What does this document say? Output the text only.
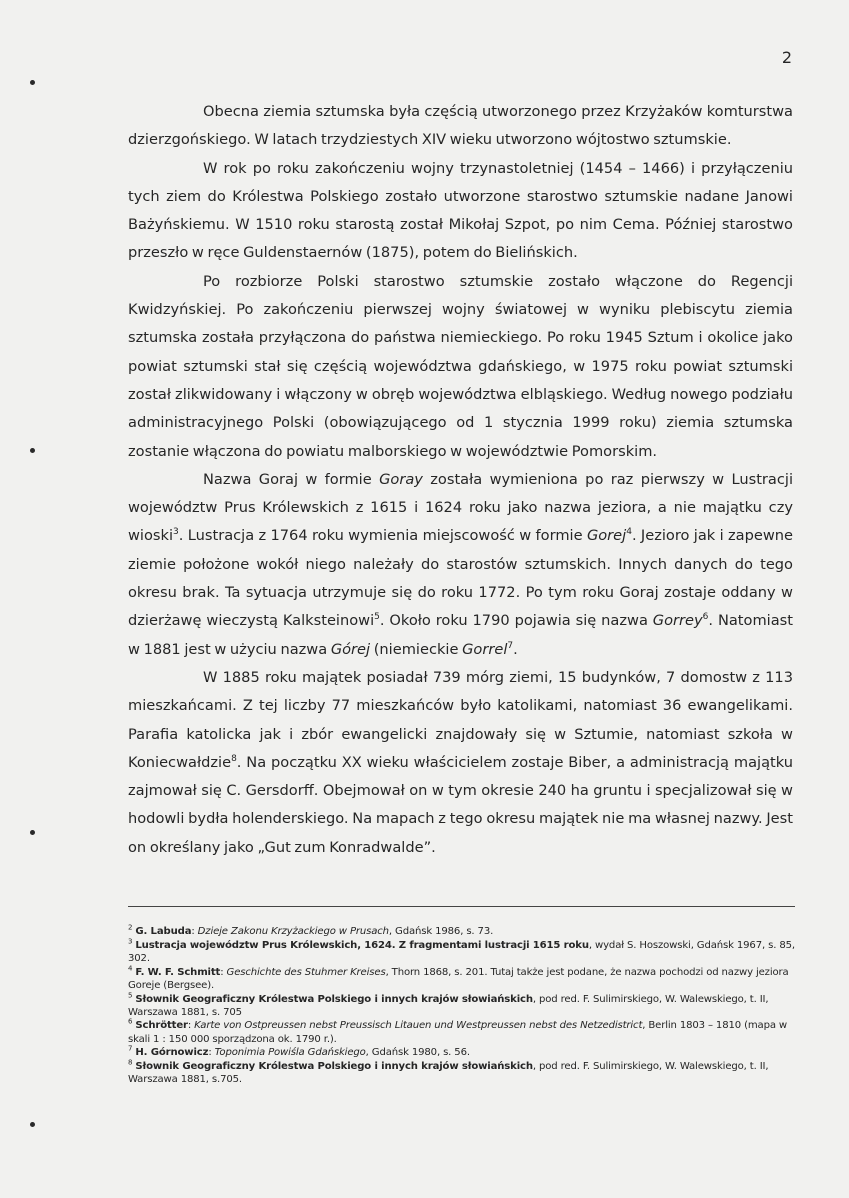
2

Obecna ziemia sztumska była częścią utworzonego przez Krzyżaków komturstwa dzierzgońskiego. W latach trzydziestych XIV wieku utworzono wójtostwo sztumskie.

W rok po roku zakończeniu wojny trzynastoletniej (1454 – 1466) i przyłączeniu tych ziem do Królestwa Polskiego zostało utworzone starostwo sztumskie nadane Janowi Bażyńskiemu. W 1510 roku starostą został Mikołaj Szpot, po nim Cema. Później starostwo przeszło w ręce Guldenstaernów (1875), potem do Bielińskich.

Po rozbiorze Polski starostwo sztumskie zostało włączone do Regencji Kwidzyńskiej. Po zakończeniu pierwszej wojny światowej w wyniku plebiscytu ziemia sztumska została przyłączona do państwa niemieckiego. Po roku 1945 Sztum i okolice jako powiat sztumski stał się częścią województwa gdańskiego, w 1975 roku powiat sztumski został zlikwidowany i włączony w obręb województwa elbląskiego. Według nowego podziału administracyjnego Polski (obowiązującego od 1 stycznia 1999 roku) ziemia sztumska zostanie włączona do powiatu malborskiego w województwie Pomorskim.

Nazwa Goraj w formie Goray została wymieniona po raz pierwszy w Lustracji województw Prus Królewskich z 1615 i 1624 roku jako nazwa jeziora, a nie majątku czy wioski$^3$. Lustracja z 1764 roku wymienia miejscowość w formie Gorej$^4$. Jezioro jak i zapewne ziemie położone wokół niego należały do starostów sztumskich. Innych danych do tego okresu brak. Ta sytuacja utrzymuje się do roku 1772. Po tym roku Goraj zostaje oddany w dzierżawę wieczystą Kalksteinowi$^5$. Około roku 1790 pojawia się nazwa Gorrey$^6$. Natomiast w 1881 jest w użyciu nazwa Górej (niemieckie Gorrel$^7$.

W 1885 roku majątek posiadał 739 mórg ziemi, 15 budynków, 7 domostw z 113 mieszkańcami. Z tej liczby 77 mieszkańców było katolikami, natomiast 36 ewangelikami. Parafia katolicka jak i zbór ewangelicki znajdowały się w Sztumie, natomiast szkoła w Koniecwałdzie$^8$. Na początku XX wieku właścicielem zostaje Biber, a administracją majątku zajmował się C. Gersdorff. Obejmował on w tym okresie 240 ha gruntu i specjalizował się w hodowli bydła holenderskiego. Na mapach z tego okresu majątek nie ma własnej nazwy. Jest on określany jako „Gut zum Konradwalde”.

$^2$ G. Labuda: Dzieje Zakonu Krzyżackiego w Prusach, Gdańsk 1986, s. 73.
$^3$ Lustracja województw Prus Królewskich, 1624. Z fragmentami lustracji 1615 roku, wydał S. Hoszowski, Gdańsk 1967, s. 85, 302.
$^4$ F. W. F. Schmitt: Geschichte des Stuhmer Kreises, Thorn 1868, s. 201. Tutaj także jest podane, że nazwa pochodzi od nazwy jeziora Goreje (Bergsee).
$^5$ Słownik Geograficzny Królestwa Polskiego i innych krajów słowiańskich, pod red. F. Sulimirskiego, W. Walewskiego, t. II, Warszawa 1881, s. 705
$^6$ Schrötter: Karte von Ostpreussen nebst Preussisch Litauen und Westpreussen nebst des Netzedistrict, Berlin 1803 – 1810 (mapa w skali 1 : 150 000 sporządzona ok. 1790 r.).
$^7$ H. Górnowicz: Toponimia Powiśla Gdańskiego, Gdańsk 1980, s. 56.
$^8$ Słownik Geograficzny Królestwa Polskiego i innych krajów słowiańskich, pod red. F. Sulimirskiego, W. Walewskiego, t. II, Warszawa 1881, s.705.
